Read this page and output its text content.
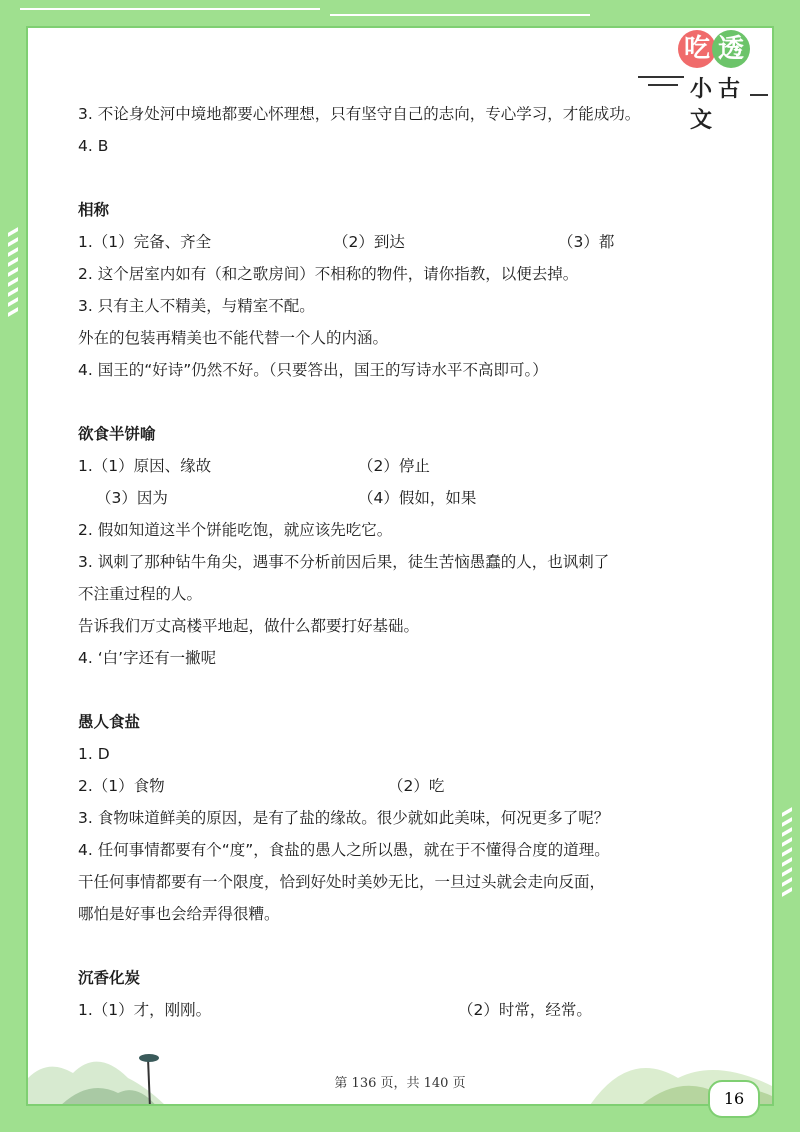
吃 透
小古文
3. 不论身处河中境地都要心怀理想，只有坚守自己的志向，专心学习，才能成功。
4. B
相称
1.（1）完备、齐全	（2）到达	（3）都
2. 这个居室内如有（和之歌房间）不相称的物件，请你指教，以便去掉。
3. 只有主人不精美，与精室不配。
外在的包装再精美也不能代替一个人的内涵。
4. 国王的“好诗”仍然不好。（只要答出，国王的写诗水平不高即可。）
欲食半饼喻
1.（1）原因、缘故	（2）停止
（3）因为	（4）假如，如果
2. 假如知道这半个饼能吃饱，就应该先吃它。
3. 讽刺了那种钻牛角尖，遇事不分析前因后果，徒生苦恼愚蠢的人，也讽刺了
不注重过程的人。
告诉我们万丈高楼平地起，做什么都要打好基础。
4. ‘白’字还有一撇呢
愚人食盐
1. D
2.（1）食物	（2）吃
3. 食物味道鲜美的原因，是有了盐的缘故。很少就如此美味，何况更多了呢？
4. 任何事情都要有个“度”，食盐的愚人之所以愚，就在于不懂得合度的道理。
干任何事情都要有一个限度，恰到好处时美妙无比，一旦过头就会走向反面，
哪怕是好事也会给弄得很糟。
沉香化炭
1.（1）才，刚刚。	（2）时常，经常。
第 136 页，共 140 页
16
